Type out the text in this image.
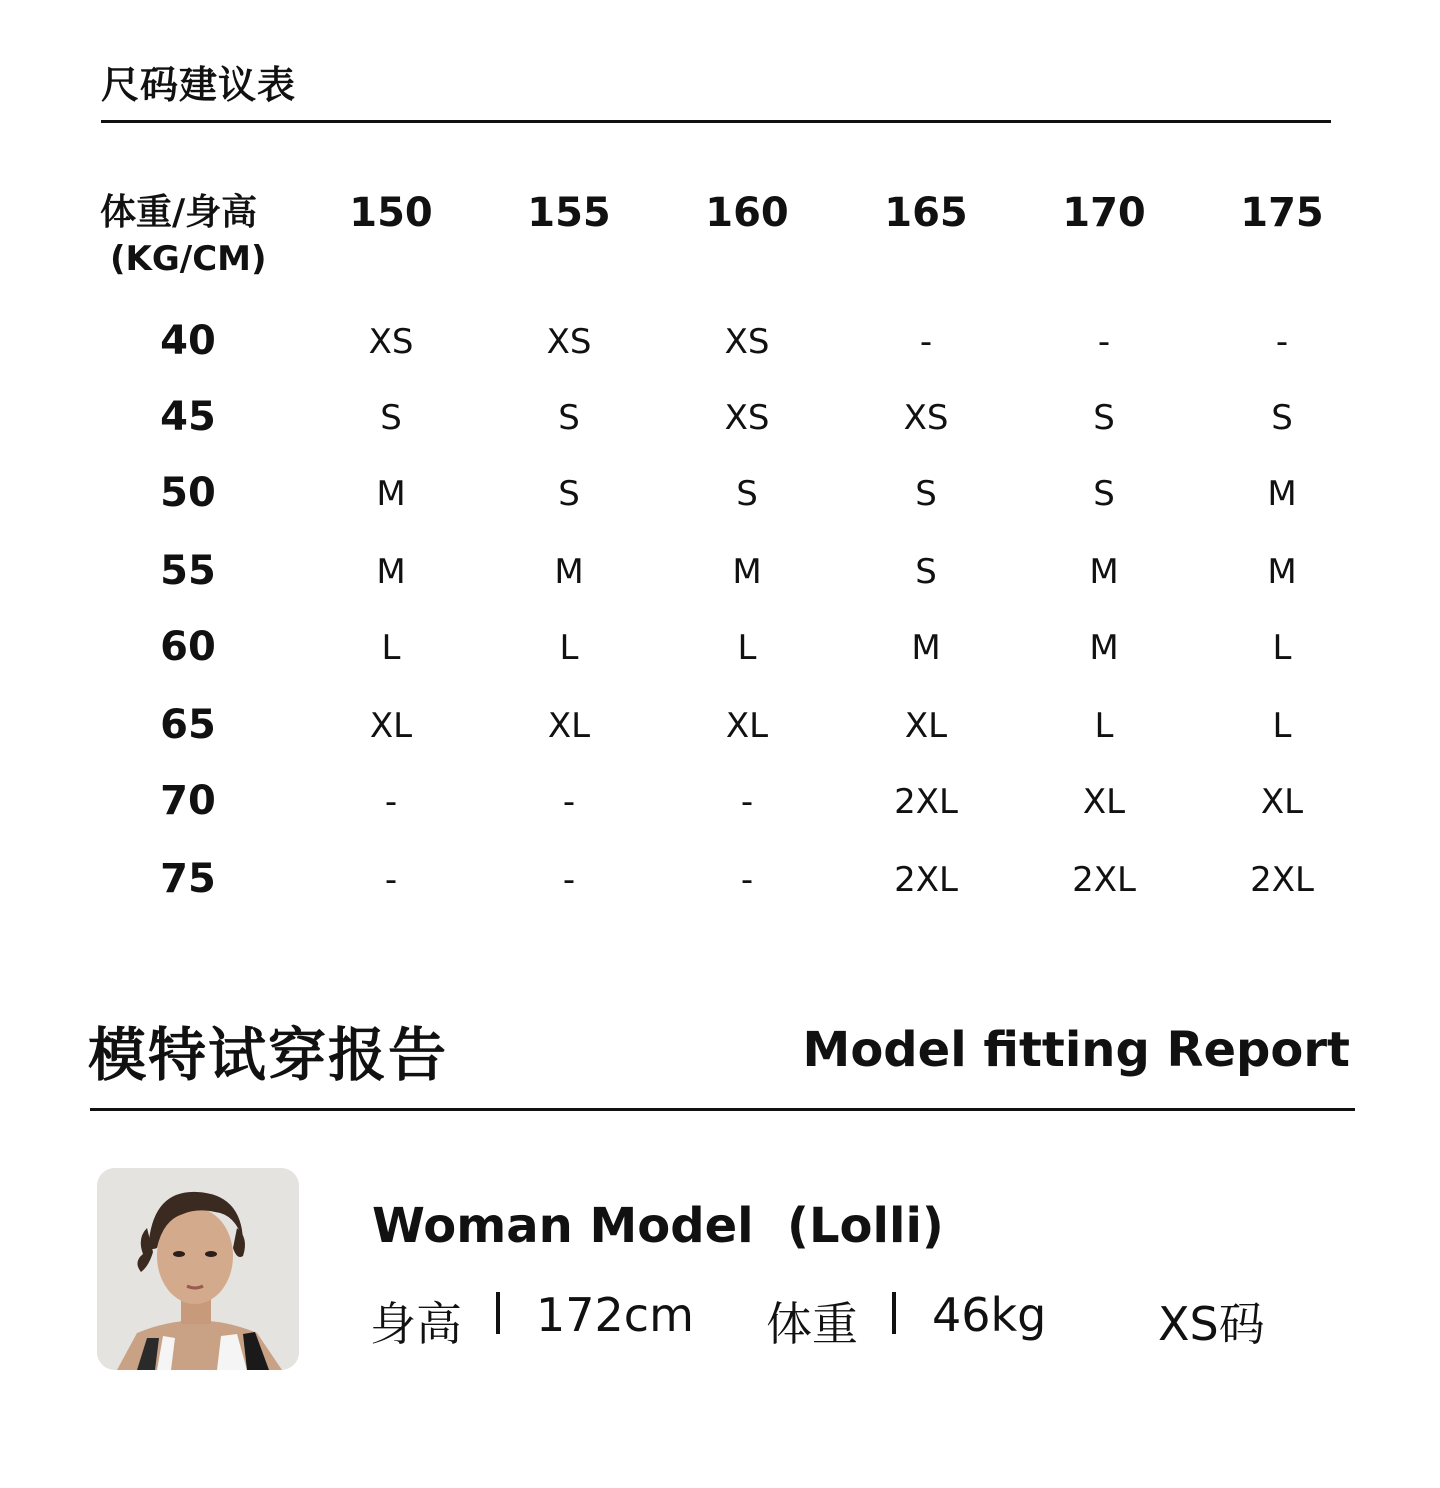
尺码建议表
体重/身高
(KG/CM)
150	155	160	165	170	175
40	XS	XS	XS	-	-	-
45	S	S	XS	XS	S	S
50	M	S	S	S	S	M
55	M	M	M	S	M	M
60	L	L	L	M	M	L
65	XL	XL	XL	XL	L	L
70	-	-	-	2XL	XL	XL
75	-	-	-	2XL	2XL	2XL
模特试穿报告	Model fitting Report
Woman Model  (Lolli)
身高 172cm 体重 46kg XS码
